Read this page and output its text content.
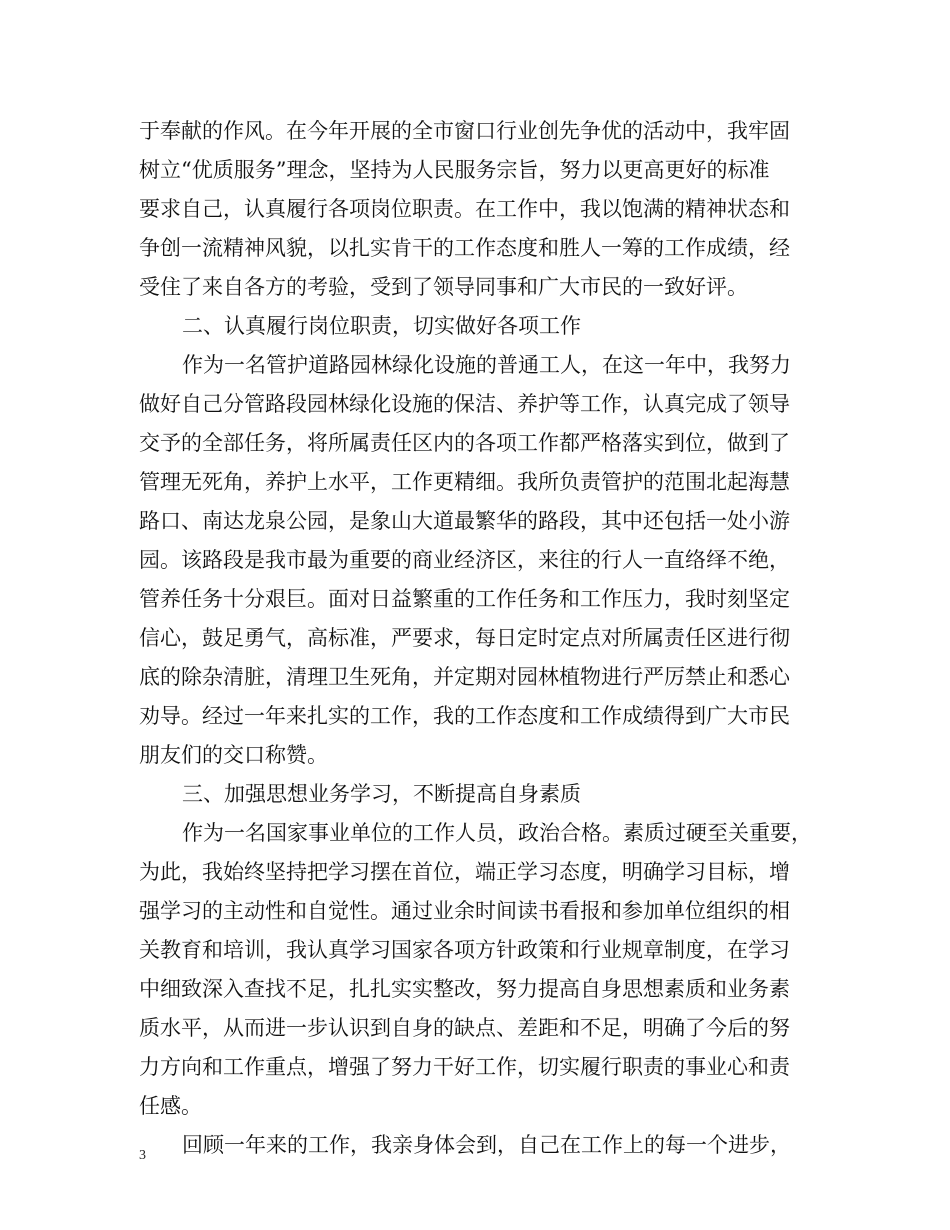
于奉献的作风。在今年开展的全市窗口行业创先争优的活动中，我牢固
树立“优质服务”理念，坚持为人民服务宗旨，努力以更高更好的标准
要求自己，认真履行各项岗位职责。在工作中，我以饱满的精神状态和
争创一流精神风貌，以扎实肯干的工作态度和胜人一筹的工作成绩，经
受住了来自各方的考验，受到了领导同事和广大市民的一致好评。
二、认真履行岗位职责，切实做好各项工作
作为一名管护道路园林绿化设施的普通工人，在这一年中，我努力
做好自己分管路段园林绿化设施的保洁、养护等工作，认真完成了领导
交予的全部任务，将所属责任区内的各项工作都严格落实到位，做到了
管理无死角，养护上水平，工作更精细。我所负责管护的范围北起海慧
路口、南达龙泉公园，是象山大道最繁华的路段，其中还包括一处小游
园。该路段是我市最为重要的商业经济区，来往的行人一直络绎不绝，
管养任务十分艰巨。面对日益繁重的工作任务和工作压力，我时刻坚定
信心，鼓足勇气，高标准，严要求，每日定时定点对所属责任区进行彻
底的除杂清脏，清理卫生死角，并定期对园林植物进行严厉禁止和悉心
劝导。经过一年来扎实的工作，我的工作态度和工作成绩得到广大市民
朋友们的交口称赞。
三、加强思想业务学习，不断提高自身素质
作为一名国家事业单位的工作人员，政治合格。素质过硬至关重要，
为此，我始终坚持把学习摆在首位，端正学习态度，明确学习目标，增
强学习的主动性和自觉性。通过业余时间读书看报和参加单位组织的相
关教育和培训，我认真学习国家各项方针政策和行业规章制度，在学习
中细致深入查找不足，扎扎实实整改，努力提高自身思想素质和业务素
质水平，从而进一步认识到自身的缺点、差距和不足，明确了今后的努
力方向和工作重点，增强了努力干好工作，切实履行职责的事业心和责
任感。
回顾一年来的工作，我亲身体会到，自己在工作上的每一个进步，
3
